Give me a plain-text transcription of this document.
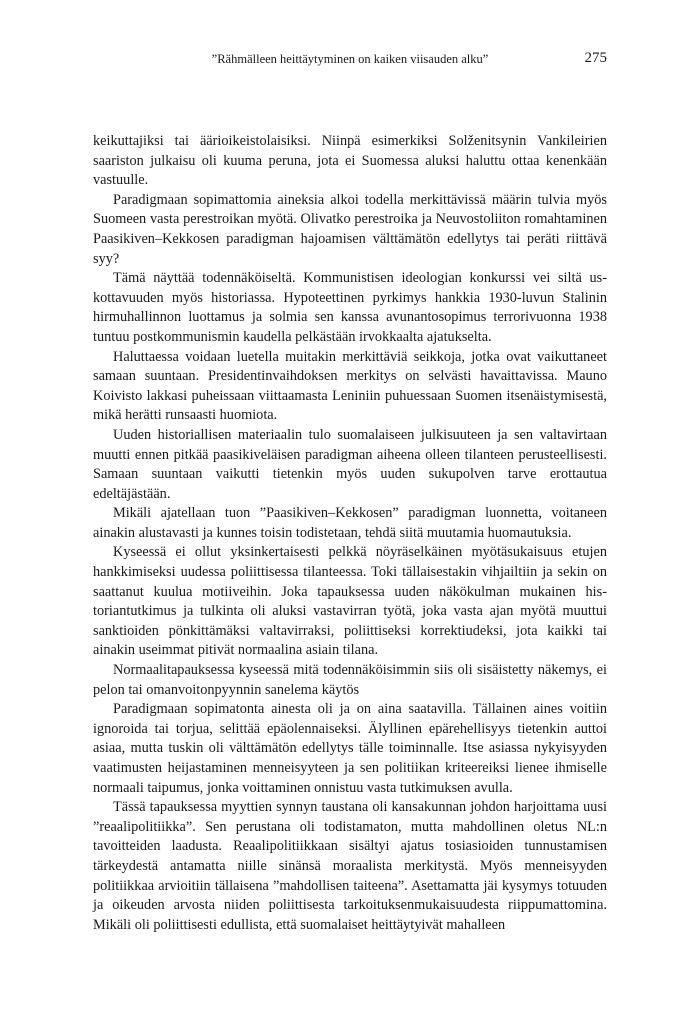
”Rähmälleen heittäytyminen on kaiken viisauden alku”	275

keikuttajiksi tai äärioikeistolaisiksi. Niinpä esimerkiksi Solženitsynin Vankileirien saariston julkaisu oli kuuma peruna, jota ei Suomessa aluksi haluttu ottaa kenenkään vastuulle.

Paradigmaan sopimattomia aineksia alkoi todella merkittävissä määrin tulvia myös Suomeen vasta perestroikan myötä. Olivatko perestroika ja Neuvostoliiton romahtaminen Paasikiven–Kekkosen paradigman hajoamisen välttämätön edellytys tai peräti riittävä syy?

Tämä näyttää todennäköiseltä. Kommunistisen ideologian konkurssi vei siltä uskottavuuden myös historiassa. Hypoteettinen pyrkimys hankkia 1930-luvun Stalinin hirmuhallinnon luottamus ja solmia sen kanssa avunantosopimus terrorivuonna 1938 tuntuu postkommunismin kaudella pelkästään irvokkaalta ajatukselta.

Haluttaessa voidaan luetella muitakin merkittäviä seikkoja, jotka ovat vaikuttaneet samaan suuntaan. Presidentinvaihdoksen merkitys on selvästi havaittavissa. Mauno Koivisto lakkasi puheissaan viittaamasta Leniniin puhuessaan Suomen itsenäistymisestä, mikä herätti runsaasti huomiota.

Uuden historiallisen materiaalin tulo suomalaiseen julkisuuteen ja sen valtavirtaan muutti ennen pitkää paasikiveläisen paradigman aiheena olleen tilanteen perusteellisesti. Samaan suuntaan vaikutti tietenkin myös uuden sukupolven tarve erottautua edeltäjästään.

Mikäli ajatellaan tuon ”Paasikiven–Kekkosen” paradigman luonnetta, voitaneen ainakin alustavasti ja kunnes toisin todistetaan, tehdä siitä muutamia huomautuksia.

Kyseessä ei ollut yksinkertaisesti pelkkä nöyräselkäinen myötäsukaisuus etujen hankkimiseksi uudessa poliittisessa tilanteessa. Toki tällaisestakin vihjailtiin ja sekin on saattanut kuulua motiiveihin. Joka tapauksessa uuden näkökulman mukainen historiantutkimus ja tulkinta oli aluksi vastavirran työtä, joka vasta ajan myötä muuttui sanktioiden pönkittämäksi valtavirraksi, poliittiseksi korrektiudeksi, jota kaikki tai ainakin useimmat pitivät normaalina asiain tilana.

Normaalitapauksessa kyseessä mitä todennäköisimmin siis oli sisäistetty näkemys, ei pelon tai omanvoitonpyynnin sanelema käytös

Paradigmaan sopimatonta ainesta oli ja on aina saatavilla. Tällainen aines voitiin ignoroida tai torjua, selittää epäolennaiseksi. Älyllinen epärehellisyys tietenkin auttoi asiaa, mutta tuskin oli välttämätön edellytys tälle toiminnalle. Itse asiassa nykyisyyden vaatimusten heijastaminen menneisyyteen ja sen politiikan kriteereiksi lienee ihmiselle normaali taipumus, jonka voittaminen onnistuu vasta tutkimuksen avulla.

Tässä tapauksessa myyttien synnyn taustana oli kansakunnan johdon harjoittama uusi ”reaalipolitiikka”. Sen perustana oli todistamaton, mutta mahdollinen oletus NL:n tavoitteiden laadusta. Reaalipolitiikkaan sisältyi ajatus tosiasioiden tunnustamisen tärkeydestä antamatta niille sinänsä moraalista merkitystä. Myös menneisyyden politiikkaa arvioitiin tällaisena ”mahdollisen taiteena”. Asettamatta jäi kysymys totuuden ja oikeuden arvosta niiden poliittisesta tarkoituksenmukaisuudesta riippumattomina. Mikäli oli poliittisesti edullista, että suomalaiset heittäytyivät mahalleen
